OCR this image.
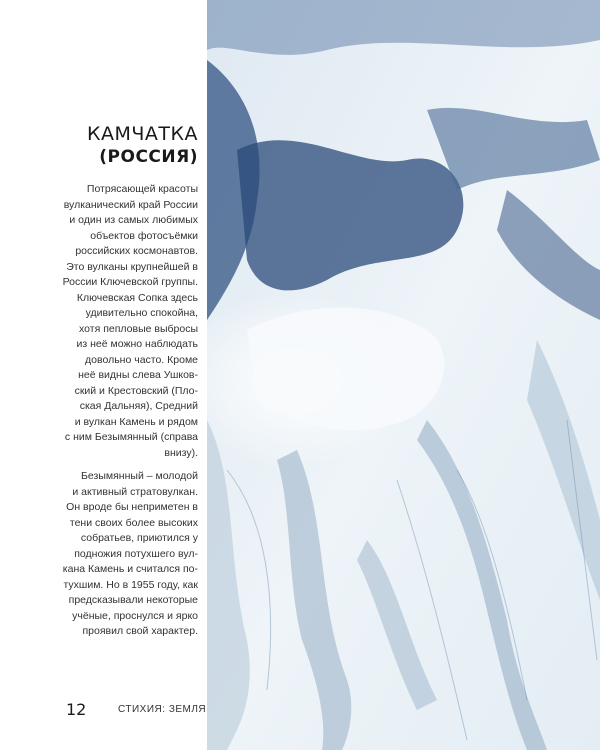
КАМЧАТКА
(РОССИЯ)

Потрясающей красоты
вулканический край России
и один из самых любимых
объектов фотосъёмки
российских космонавтов.
Это вулканы крупнейшей в
России Ключевской группы.
Ключевская Сопка здесь
удивительно спокойна,
хотя пепловые выбросы
из неё можно наблюдать
довольно часто. Кроме
неё видны слева Ушков-
ский и Крестовский (Пло-
ская Дальняя), Средний
и вулкан Камень и рядом
с ним Безымянный (справа
внизу).

Безымянный – молодой
и активный стратовулкан.
Он вроде бы неприметен в
тени своих более высоких
собратьев, приютился у
подножия потухшего вул-
кана Камень и считался по-
тухшим. Но в 1955 году, как
предсказывали некоторые
учёные, проснулся и ярко
проявил свой характер.

12	СТИХИЯ: ЗЕМЛЯ
